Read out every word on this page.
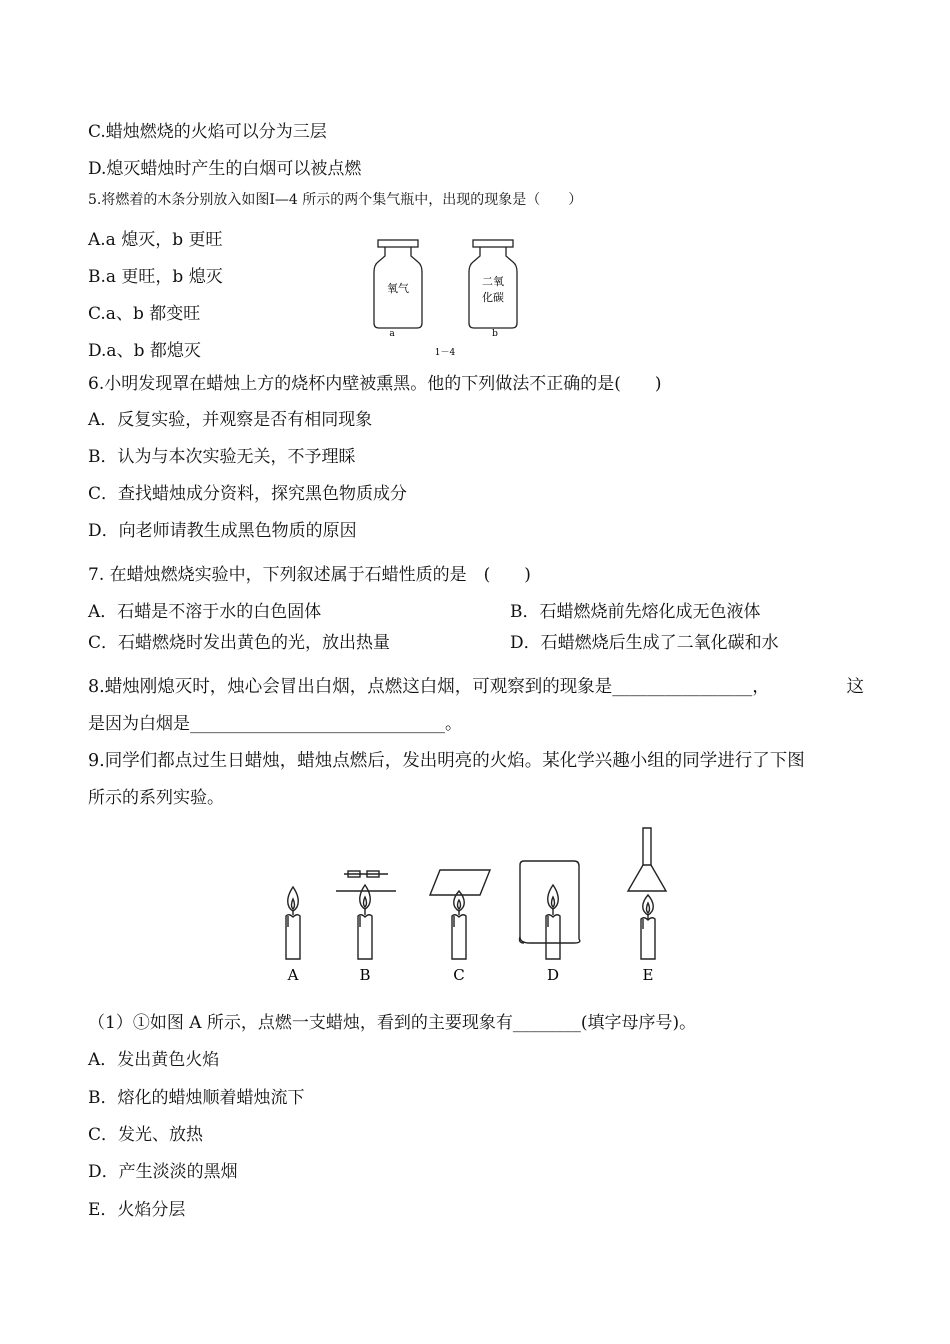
C.蜡烛燃烧的火焰可以分为三层
D.熄灭蜡烛时产生的白烟可以被点燃
5.将燃着的木条分别放入如图Ⅰ—4 所示的两个集气瓶中，出现的现象是（　　）
A.a 熄灭，b 更旺
B.a 更旺，b 熄灭
C.a、b 都变旺
D.a、b 都熄灭
氧气
a
二氧
化碳
b
1－4
6.小明发现罩在蜡烛上方的烧杯内壁被熏黑。他的下列做法不正确的是(　　)
A．反复实验，并观察是否有相同现象
B．认为与本次实验无关，不予理睬
C．查找蜡烛成分资料，探究黑色物质成分
D．向老师请教生成黑色物质的原因
7. 在蜡烛燃烧实验中，下列叙述属于石蜡性质的是　(　　)
A．石蜡是不溶于水的白色固体	B．石蜡燃烧前先熔化成无色液体
C．石蜡燃烧时发出黄色的光，放出热量	D．石蜡燃烧后生成了二氧化碳和水
8.蜡烛刚熄灭时，烛心会冒出白烟，点燃这白烟，可观察到的现象是________________，	这
是因为白烟是______________________________。
9.同学们都点过生日蜡烛，蜡烛点燃后，发出明亮的火焰。某化学兴趣小组的同学进行了下图
所示的系列实验。
A	B	C	D	E
（1）①如图 A 所示，点燃一支蜡烛，看到的主要现象有________(填字母序号)。
A．发出黄色火焰
B．熔化的蜡烛顺着蜡烛流下
C．发光、放热
D．产生淡淡的黑烟
E．火焰分层
